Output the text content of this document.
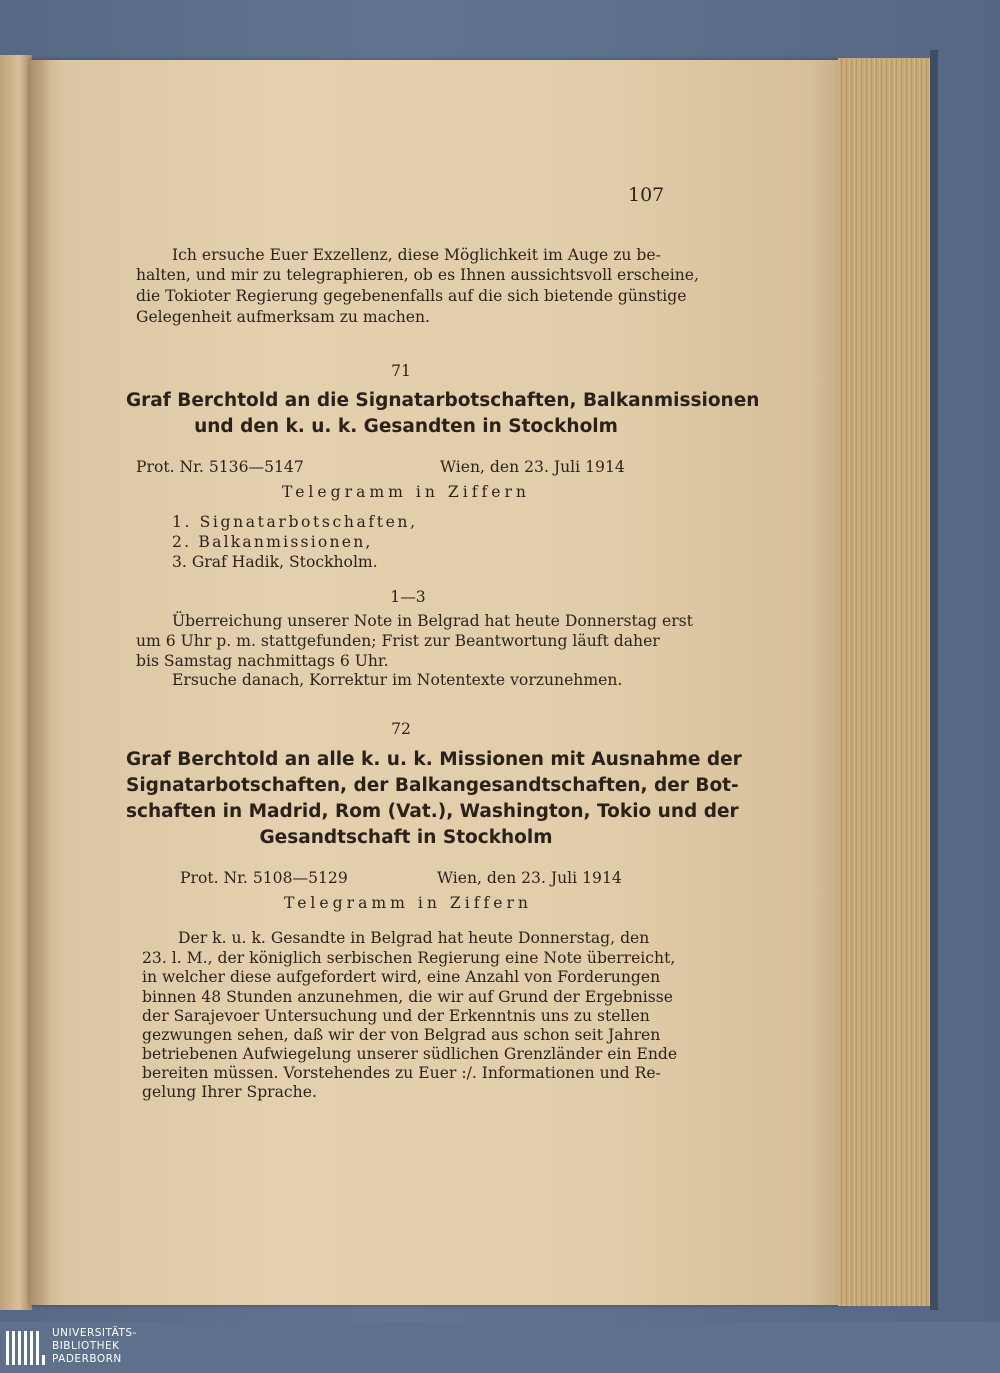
107
Ich ersuche Euer Exzellenz, diese Möglichkeit im Auge zu be-
halten, und mir zu telegraphieren, ob es Ihnen aussichtsvoll erscheine,
die Tokioter Regierung gegebenenfalls auf die sich bietende günstige
Gelegenheit aufmerksam zu machen.
71
Graf Berchtold an die Signatarbotschaften, Balkanmissionen
und den k. u. k. Gesandten in Stockholm
Prot. Nr. 5136—5147	Wien, den 23. Juli 1914
Telegramm in Ziffern
1. Signatarbotschaften,
2. Balkanmissionen,
3. Graf Hadik, Stockholm.
1—3
Überreichung unserer Note in Belgrad hat heute Donnerstag erst
um 6 Uhr p. m. stattgefunden; Frist zur Beantwortung läuft daher
bis Samstag nachmittags 6 Uhr.
Ersuche danach, Korrektur im Notentexte vorzunehmen.
72
Graf Berchtold an alle k. u. k. Missionen mit Ausnahme der
Signatarbotschaften, der Balkangesandtschaften, der Bot-
schaften in Madrid, Rom (Vat.), Washington, Tokio und der
Gesandtschaft in Stockholm
Prot. Nr. 5108—5129	Wien, den 23. Juli 1914
Telegramm in Ziffern
Der k. u. k. Gesandte in Belgrad hat heute Donnerstag, den
23. l. M., der königlich serbischen Regierung eine Note überreicht,
in welcher diese aufgefordert wird, eine Anzahl von Forderungen
binnen 48 Stunden anzunehmen, die wir auf Grund der Ergebnisse
der Sarajevoer Untersuchung und der Erkenntnis uns zu stellen
gezwungen sehen, daß wir der von Belgrad aus schon seit Jahren
betriebenen Aufwiegelung unserer südlichen Grenzländer ein Ende
bereiten müssen. Vorstehendes zu Euer :/. Informationen und Re-
gelung Ihrer Sprache.
UNIVERSITÄTS-
BIBLIOTHEK
PADERBORN
